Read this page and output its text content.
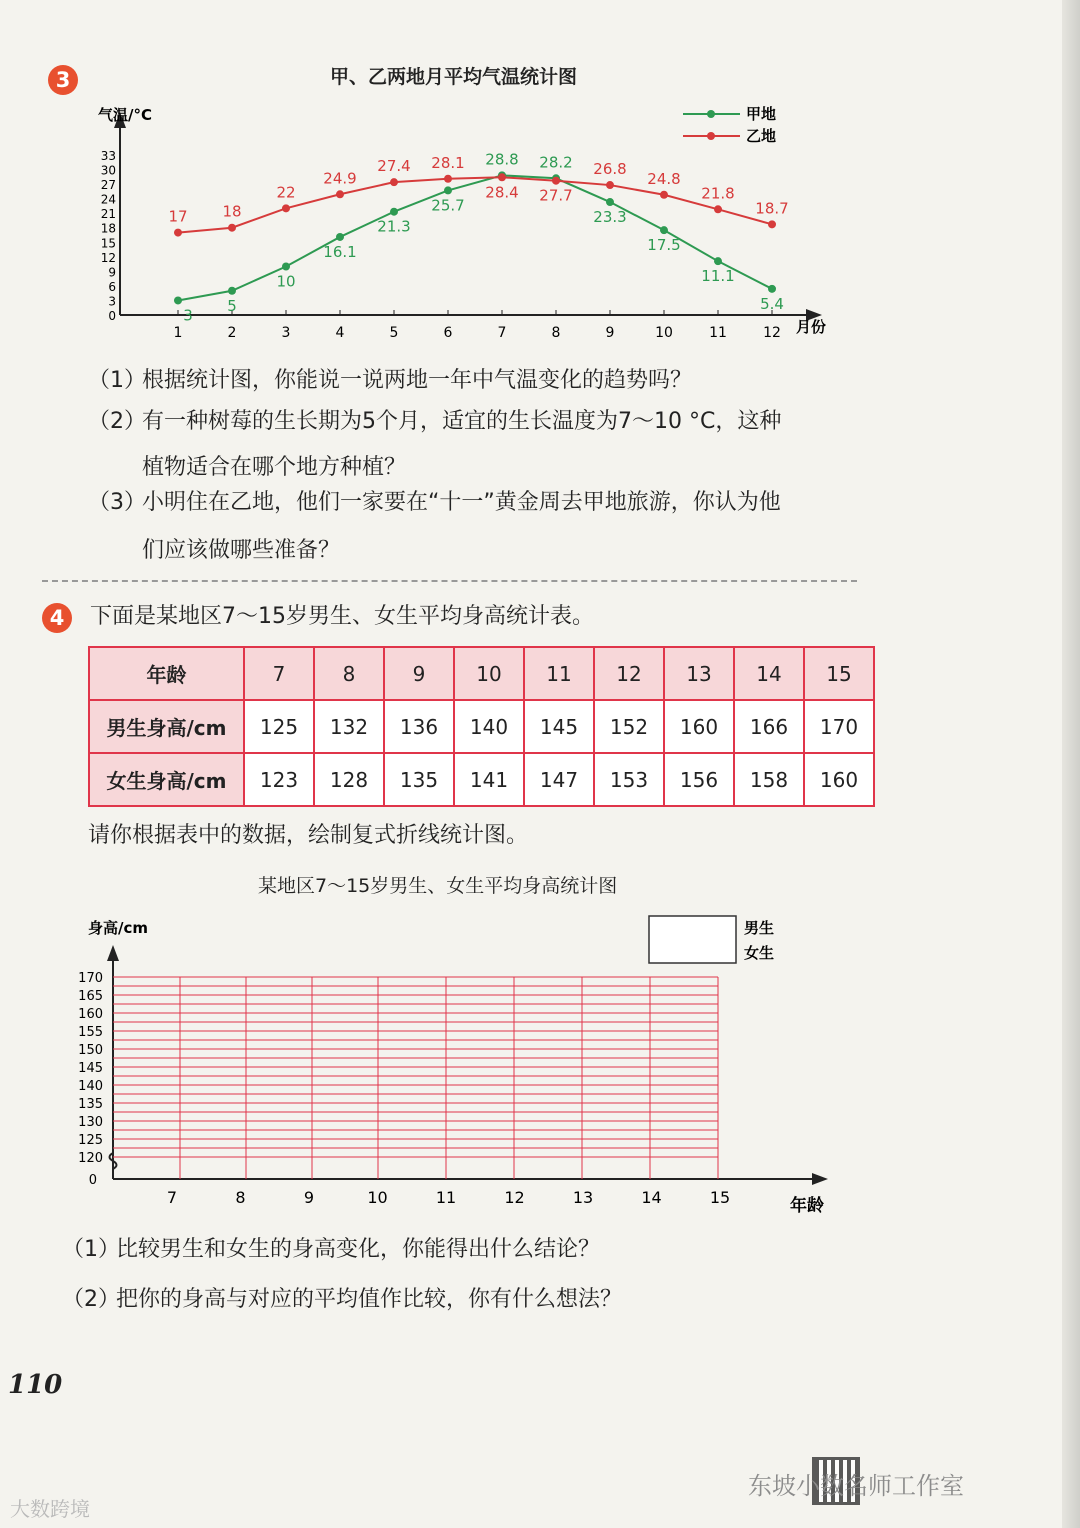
3	甲、乙两地月平均气温统计图
气温/°C
月份
0
3
6
9
12
15
18
21
24
27
30
33
1	2	3	4	5	6	7	8	9	10	11	12
3
5
10
16.1
21.3
25.7
28.8 28.2
23.3
17.5
11.1
5.4
甲地
17 18
22
24.9
27.4 28.1
28.4 27.7
26.8
24.8
21.8
18.7
乙地
（1）根据统计图，你能说一说两地一年中气温变化的趋势吗？
（2）有一种树莓的生长期为5个月，适宜的生长温度为7～10 °C，这种
植物适合在哪个地方种植？
（3）小明住在乙地，他们一家要在“十一”黄金周去甲地旅游，你认为他
们应该做哪些准备？
4	下面是某地区7～15岁男生、女生平均身高统计表。
年龄	7	8	9	10	11	12	13	14	15
男生身高/cm	125	132	136	140	145	152	160	166	170
女生身高/cm	123	128	135	141	147	153	156	158	160
请你根据表中的数据，绘制复式折线统计图。
某地区7～15岁男生、女生平均身高统计图
身高/cm
年龄
170
165
160
155
150
145
140
135
130
125
120
0
7	8	9	10	11	12	13	14	15
男生
女生
（1）比较男生和女生的身高变化，你能得出什么结论？
（2）把你的身高与对应的平均值作比较，你有什么想法？
110
大数跨境
东坡小数名师工作室
